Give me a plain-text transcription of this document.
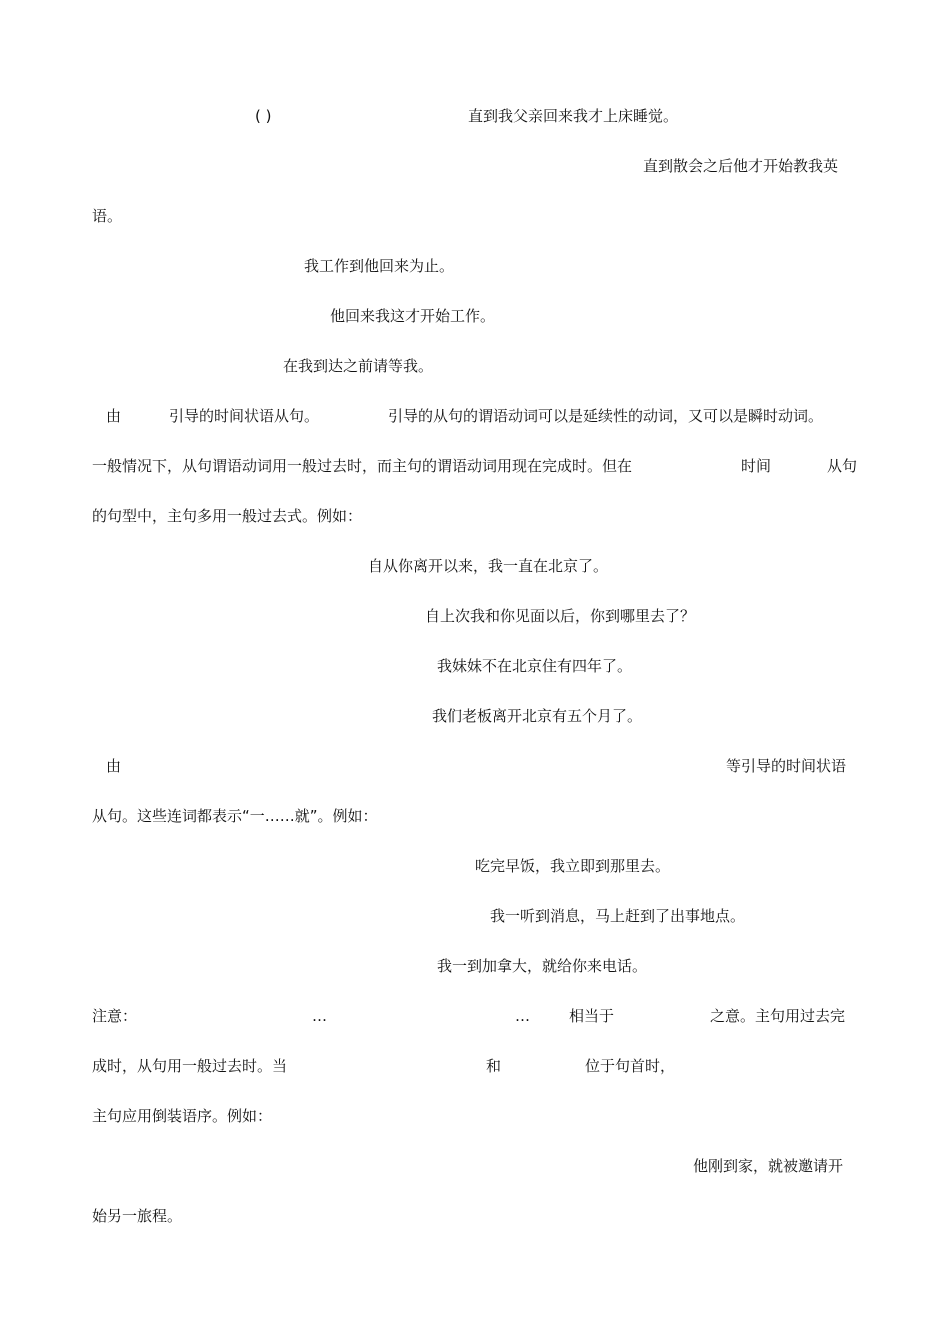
( )	直到我父亲回来我才上床睡觉。
直到散会之后他才开始教我英
语。
我工作到他回来为止。
他回来我这才开始工作。
在我到达之前请等我。
由	引导的时间状语从句。	引导的从句的谓语动词可以是延续性的动词，又可以是瞬时动词。
一般情况下，从句谓语动词用一般过去时，而主句的谓语动词用现在完成时。但在	时间	从句
的句型中，主句多用一般过去式。例如：
自从你离开以来，我一直在北京了。
自上次我和你见面以后，你到哪里去了？
我妹妹不在北京住有四年了。
我们老板离开北京有五个月了。
由	等引导的时间状语
从句。这些连词都表示“一……就”。例如：
吃完早饭，我立即到那里去。
我一听到消息，马上赶到了出事地点。
我一到加拿大，就给你来电话。
注意：	…	…	相当于	之意。主句用过去完
成时，从句用一般过去时。当	和	位于句首时，
主句应用倒装语序。例如：
他刚到家，就被邀请开
始另一旅程。
